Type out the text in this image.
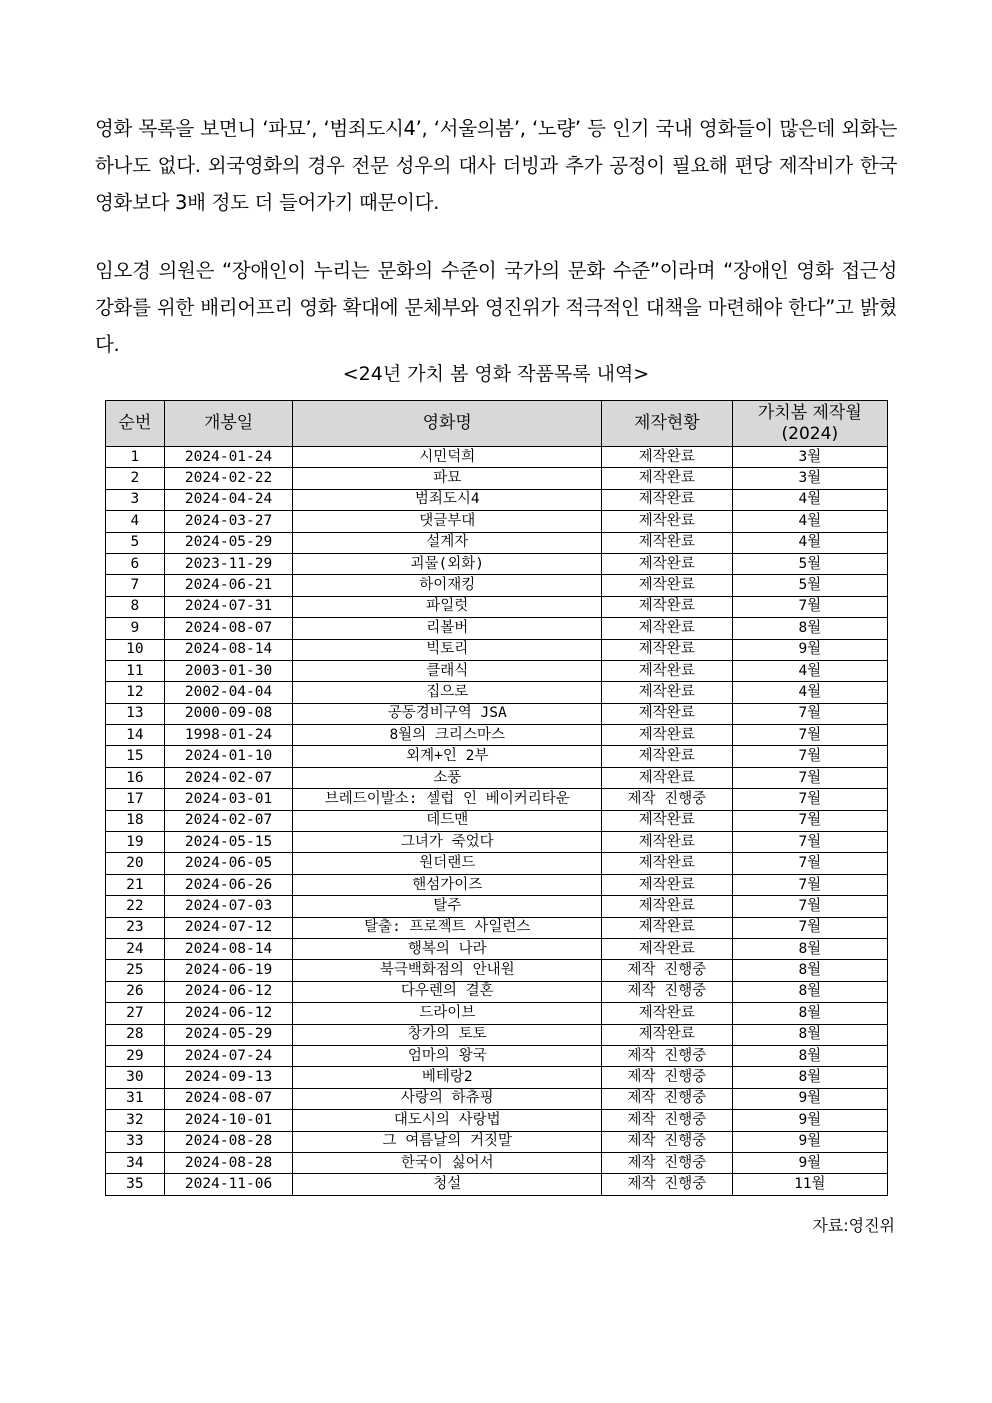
영화 목록을 보면니 ‘파묘’, ‘범죄도시4’, ‘서울의봄’, ‘노량’ 등 인기 국내 영화들이 많은데 외화는 하나도 없다. 외국영화의 경우 전문 성우의 대사 더빙과 추가 공정이 필요해 편당 제작비가 한국영화보다 3배 정도 더 들어가기 때문이다.
임오경 의원은 “장애인이 누리는 문화의 수준이 국가의 문화 수준”이라며 “장애인 영화 접근성 강화를 위한 배리어프리 영화 확대에 문체부와 영진위가 적극적인 대책을 마련해야 한다”고 밝혔다.
<24년 가치 봄 영화 작품목록 내역>
순번	개봉일	영화명	제작현황	가치봄 제작월 (2024)
1	2024-01-24	시민덕희	제작완료	3월
2	2024-02-22	파묘	제작완료	3월
3	2024-04-24	범죄도시4	제작완료	4월
4	2024-03-27	댓글부대	제작완료	4월
5	2024-05-29	설계자	제작완료	4월
6	2023-11-29	괴물(외화)	제작완료	5월
7	2024-06-21	하이재킹	제작완료	5월
8	2024-07-31	파일럿	제작완료	7월
9	2024-08-07	리볼버	제작완료	8월
10	2024-08-14	빅토리	제작완료	9월
11	2003-01-30	클래식	제작완료	4월
12	2002-04-04	집으로	제작완료	4월
13	2000-09-08	공동경비구역 JSA	제작완료	7월
14	1998-01-24	8월의 크리스마스	제작완료	7월
15	2024-01-10	외계+인 2부	제작완료	7월
16	2024-02-07	소풍	제작완료	7월
17	2024-03-01	브레드이발소: 셀럽 인 베이커리타운	제작 진행중	7월
18	2024-02-07	데드맨	제작완료	7월
19	2024-05-15	그녀가 죽었다	제작완료	7월
20	2024-06-05	원더랜드	제작완료	7월
21	2024-06-26	핸섬가이즈	제작완료	7월
22	2024-07-03	탈주	제작완료	7월
23	2024-07-12	탈출: 프로젝트 사일런스	제작완료	7월
24	2024-08-14	행복의 나라	제작완료	8월
25	2024-06-19	북극백화점의 안내원	제작 진행중	8월
26	2024-06-12	다우렌의 결혼	제작 진행중	8월
27	2024-06-12	드라이브	제작완료	8월
28	2024-05-29	창가의 토토	제작완료	8월
29	2024-07-24	엄마의 왕국	제작 진행중	8월
30	2024-09-13	베테랑2	제작 진행중	8월
31	2024-08-07	사랑의 하츄핑	제작 진행중	9월
32	2024-10-01	대도시의 사랑법	제작 진행중	9월
33	2024-08-28	그 여름날의 거짓말	제작 진행중	9월
34	2024-08-28	한국이 싫어서	제작 진행중	9월
35	2024-11-06	청설	제작 진행중	11월
자료:영진위
